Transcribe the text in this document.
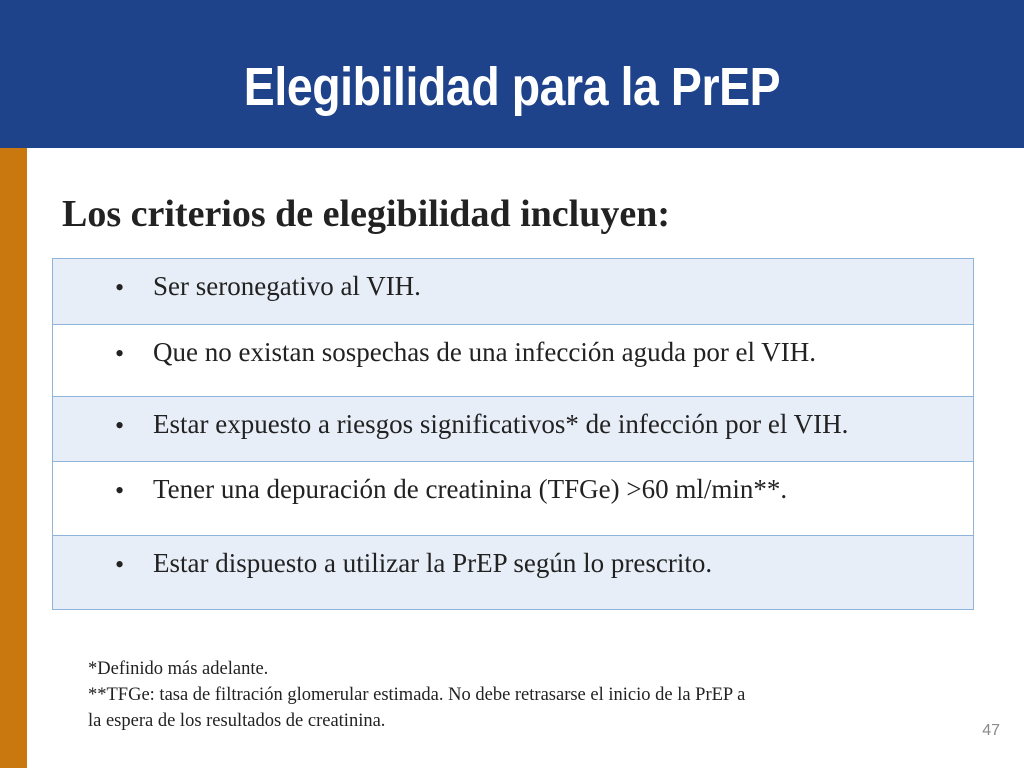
Elegibilidad para la PrEP
Los criterios de elegibilidad incluyen:
• Ser seronegativo al VIH.
• Que no existan sospechas de una infección aguda por el VIH.
• Estar expuesto a riesgos significativos* de infección por el VIH.
• Tener una depuración de creatinina (TFGe) >60 ml/min**.
• Estar dispuesto a utilizar la PrEP según lo prescrito.
*Definido más adelante.
**TFGe: tasa de filtración glomerular estimada. No debe retrasarse el inicio de la PrEP a
la espera de los resultados de creatinina.	47
